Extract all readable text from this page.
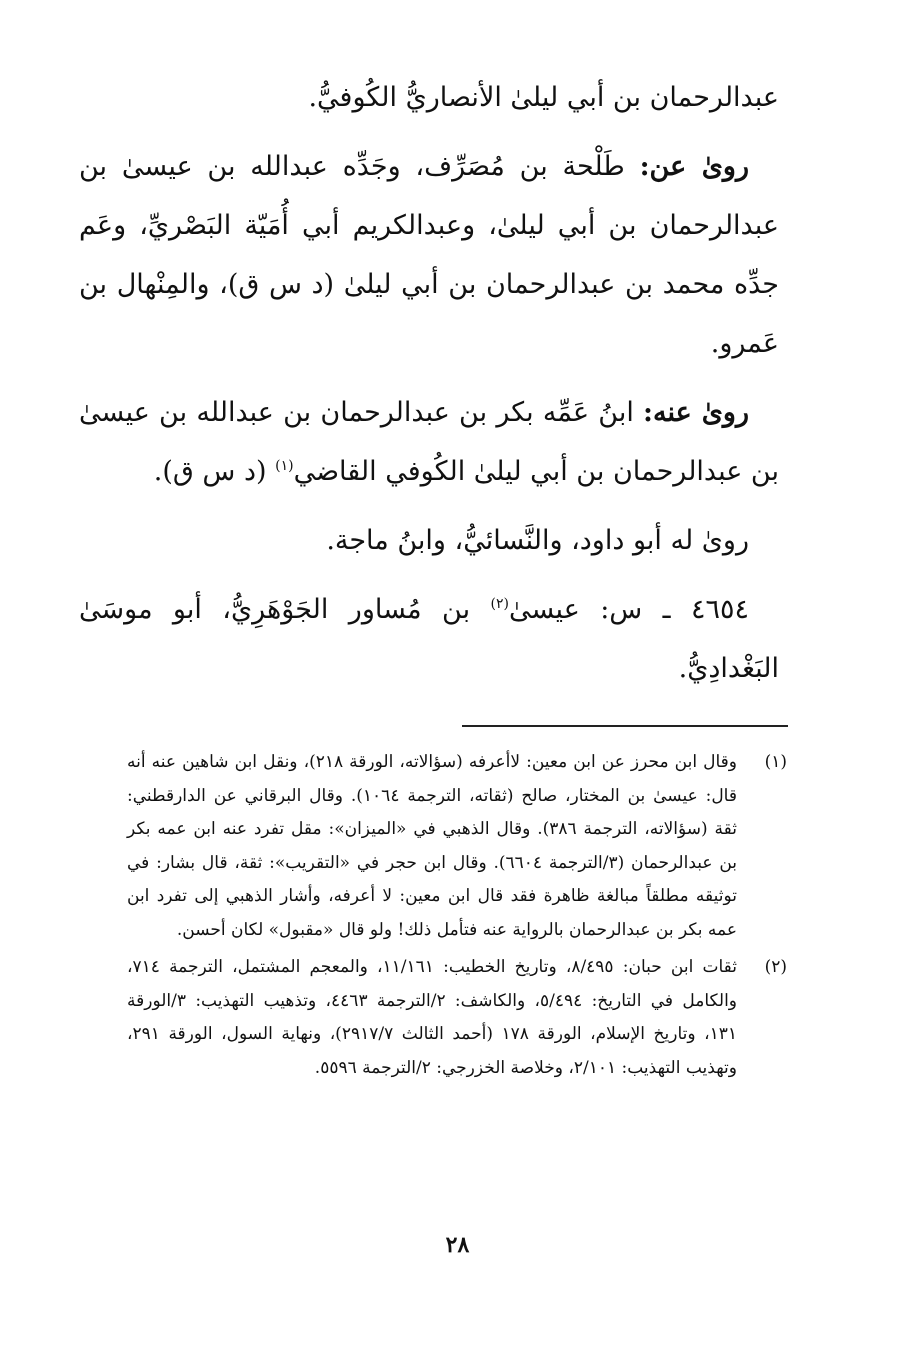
عبدالرحمان بن أبي ليلىٰ الأنصاريُّ الكُوفيُّ.

روىٰ عن: طَلْحة بن مُصَرِّف، وجَدِّه عبدالله بن عيسىٰ بن عبدالرحمان بن أبي ليلىٰ، وعبدالكريم أبي أُمَيّة البَصْريِّ، وعَم جدِّه محمد بن عبدالرحمان بن أبي ليلىٰ (د س ق)، والمِنْهال بن عَمرو.

روىٰ عنه: ابنُ عَمِّه بكر بن عبدالرحمان بن عبدالله بن عيسىٰ بن عبدالرحمان بن أبي ليلىٰ الكُوفي القاضي$^{(١)}$ (د س ق).

روىٰ له أبو داود، والنَّسائيُّ، وابنُ ماجة.

٤٦٥٤ ـ س: عيسىٰ$^{(٢)}$ بن مُساور الجَوْهَرِيُّ، أبو موسَىٰ البَغْدادِيُّ.

(١)
وقال ابن محرز عن ابن معين: لاأعرفه (سؤالاته، الورقة ٢١٨)، ونقل ابن شاهين عنه أنه قال: عيسىٰ بن المختار، صالح (ثقاته، الترجمة ١٠٦٤). وقال البرقاني عن الدارقطني: ثقة (سؤالاته، الترجمة ٣٨٦). وقال الذهبي في «الميزان»: مقل تفرد عنه ابن عمه بكر بن عبدالرحمان (٣/الترجمة ٦٦٠٤). وقال ابن حجر في «التقريب»: ثقة، قال بشار: في توثيقه مطلقاً مبالغة ظاهرة فقد قال ابن معين: لا أعرفه، وأشار الذهبي إلى تفرد ابن عمه بكر بن عبدالرحمان بالرواية عنه فتأمل ذلك! ولو قال «مقبول» لكان أحسن.
(٢)
ثقات ابن حبان: ٨/٤٩٥، وتاريخ الخطيب: ١١/١٦١، والمعجم المشتمل، الترجمة ٧١٤، والكامل في التاريخ: ٥/٤٩٤، والكاشف: ٢/الترجمة ٤٤٦٣، وتذهيب التهذيب: ٣/الورقة ١٣١، وتاريخ الإسلام، الورقة ١٧٨ (أحمد الثالث ٢٩١٧/٧)، ونهاية السول، الورقة ٢٩١، وتهذيب التهذيب: ٢/١٠١، وخلاصة الخزرجي: ٢/الترجمة ٥٥٩٦.
٢٨
